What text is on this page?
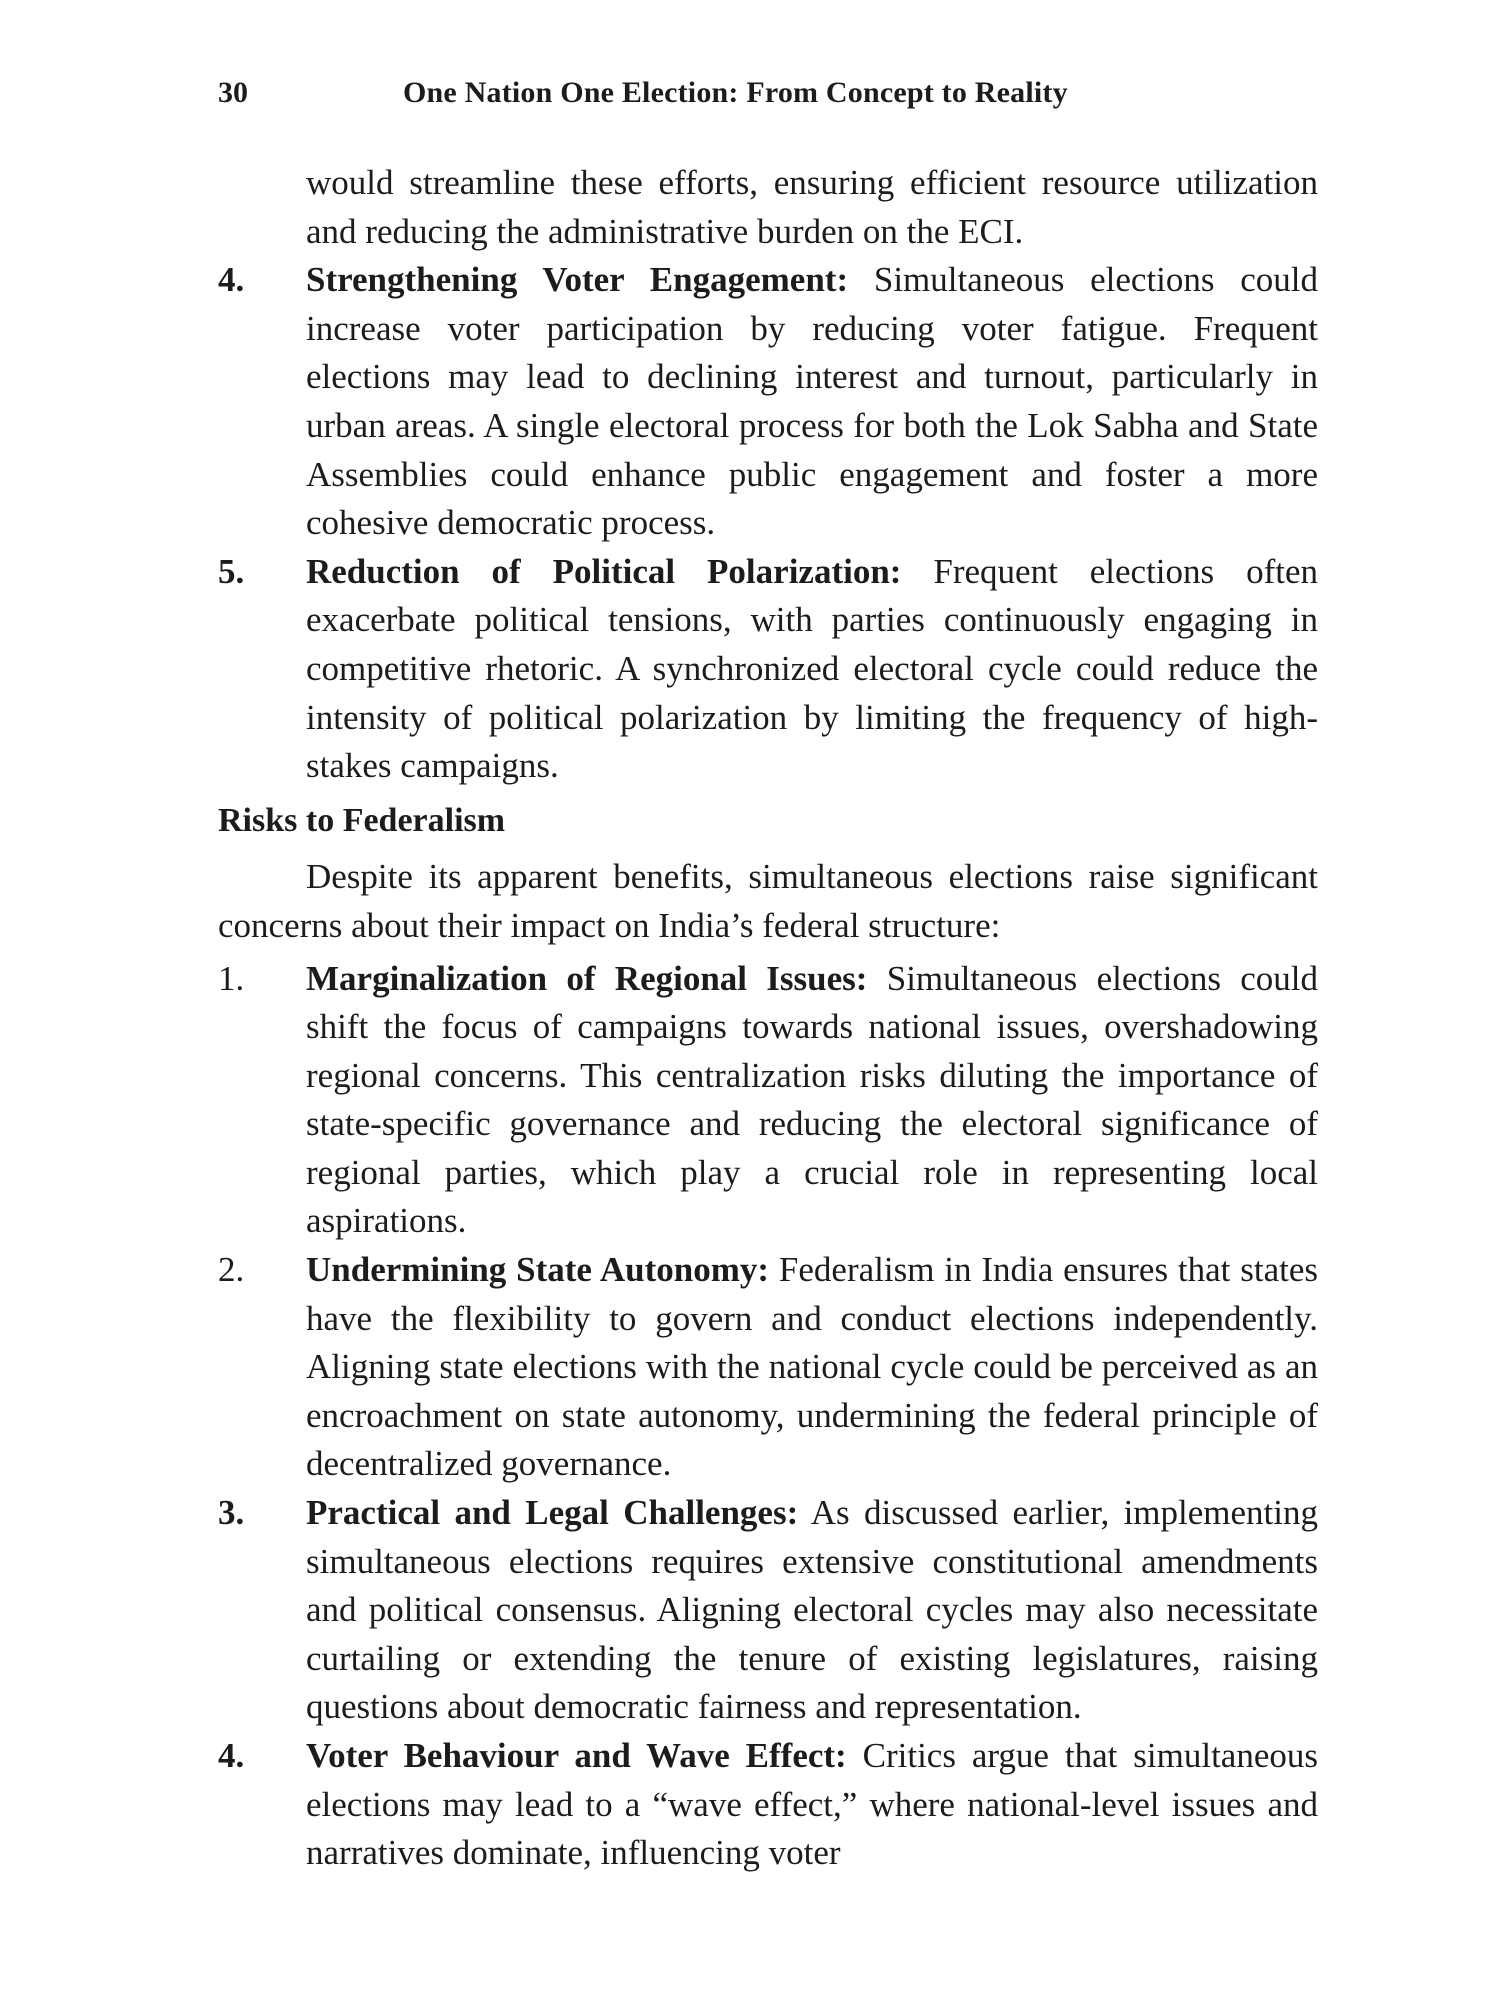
30	One Nation One Election: From Concept to Reality

would streamline these efforts, ensuring efficient resource utilization and reducing the administrative burden on the ECI.

4.	Strengthening Voter Engagement: Simultaneous elections could increase voter participation by reducing voter fatigue. Frequent elections may lead to declining interest and turnout, particularly in urban areas. A single electoral process for both the Lok Sabha and State Assemblies could enhance public engagement and foster a more cohesive democratic process.
5.	Reduction of Political Polarization: Frequent elections often exacerbate political tensions, with parties continuously engaging in competitive rhetoric. A synchronized electoral cycle could reduce the intensity of political polarization by limiting the frequency of high-stakes campaigns.
Risks to Federalism

Despite its apparent benefits, simultaneous elections raise significant concerns about their impact on India’s federal structure:

1.	Marginalization of Regional Issues: Simultaneous elections could shift the focus of campaigns towards national issues, overshadowing regional concerns. This centralization risks diluting the importance of state-specific governance and reducing the electoral significance of regional parties, which play a crucial role in representing local aspirations.
2.	Undermining State Autonomy: Federalism in India ensures that states have the flexibility to govern and conduct elections independently. Aligning state elections with the national cycle could be perceived as an encroachment on state autonomy, undermining the federal principle of decentralized governance.
3.	Practical and Legal Challenges: As discussed earlier, implementing simultaneous elections requires extensive constitutional amendments and political consensus. Aligning electoral cycles may also necessitate curtailing or extending the tenure of existing legislatures, raising questions about democratic fairness and representation.
4.	Voter Behaviour and Wave Effect: Critics argue that simultaneous elections may lead to a “wave effect,” where national-level issues and narratives dominate, influencing voter
